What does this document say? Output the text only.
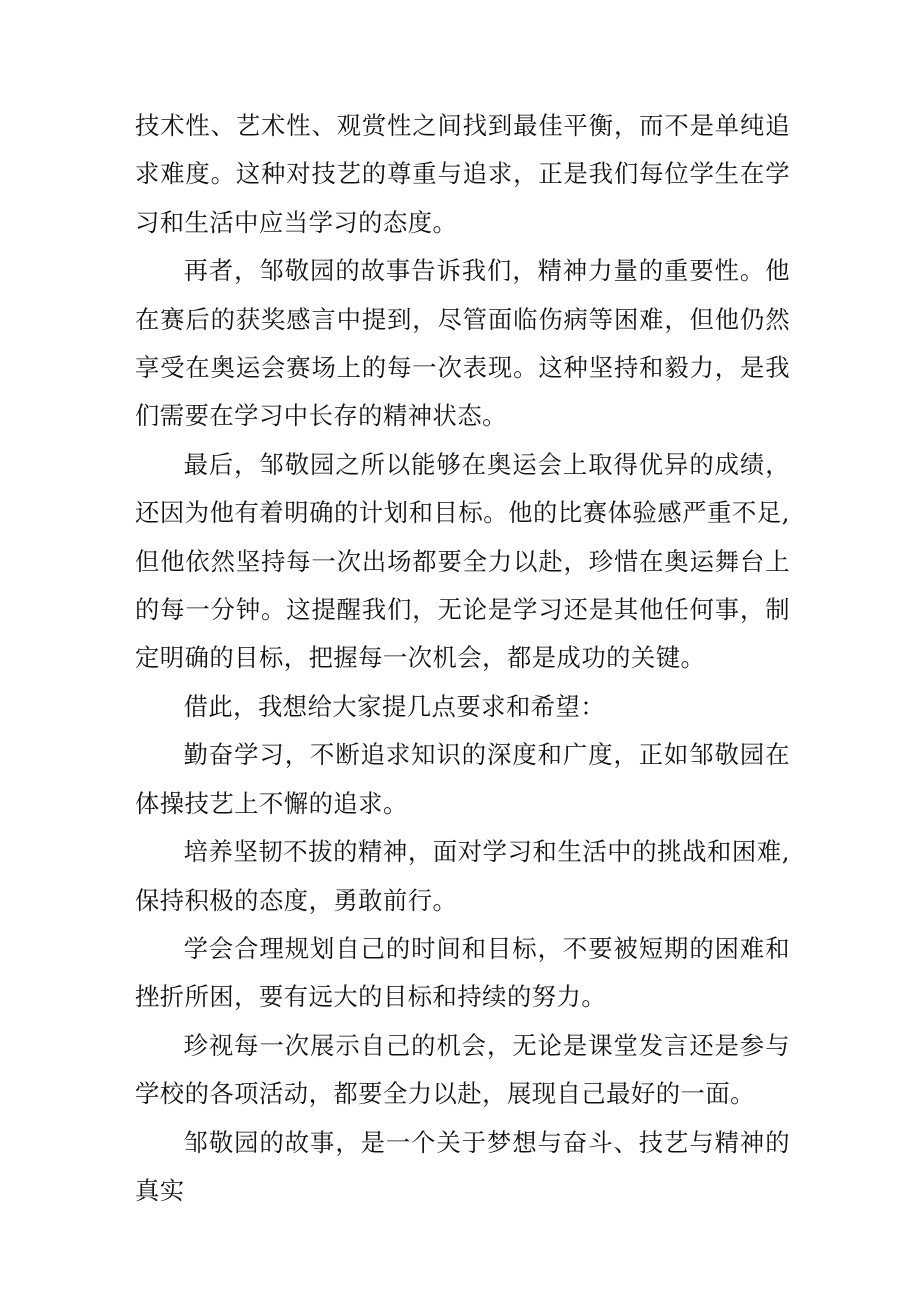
技术性、艺术性、观赏性之间找到最佳平衡，而不是单纯追求难度。这种对技艺的尊重与追求，正是我们每位学生在学习和生活中应当学习的态度。

再者，邹敬园的故事告诉我们，精神力量的重要性。他在赛后的获奖感言中提到，尽管面临伤病等困难，但他仍然享受在奥运会赛场上的每一次表现。这种坚持和毅力，是我们需要在学习中长存的精神状态。

最后，邹敬园之所以能够在奥运会上取得优异的成绩，还因为他有着明确的计划和目标。他的比赛体验感严重不足,但他依然坚持每一次出场都要全力以赴，珍惜在奥运舞台上的每一分钟。这提醒我们，无论是学习还是其他任何事，制定明确的目标，把握每一次机会，都是成功的关键。

借此，我想给大家提几点要求和希望：

勤奋学习，不断追求知识的深度和广度，正如邹敬园在体操技艺上不懈的追求。

培养坚韧不拔的精神，面对学习和生活中的挑战和困难,保持积极的态度，勇敢前行。

学会合理规划自己的时间和目标，不要被短期的困难和挫折所困，要有远大的目标和持续的努力。

珍视每一次展示自己的机会，无论是课堂发言还是参与学校的各项活动，都要全力以赴，展现自己最好的一面。

邹敬园的故事，是一个关于梦想与奋斗、技艺与精神的真实
